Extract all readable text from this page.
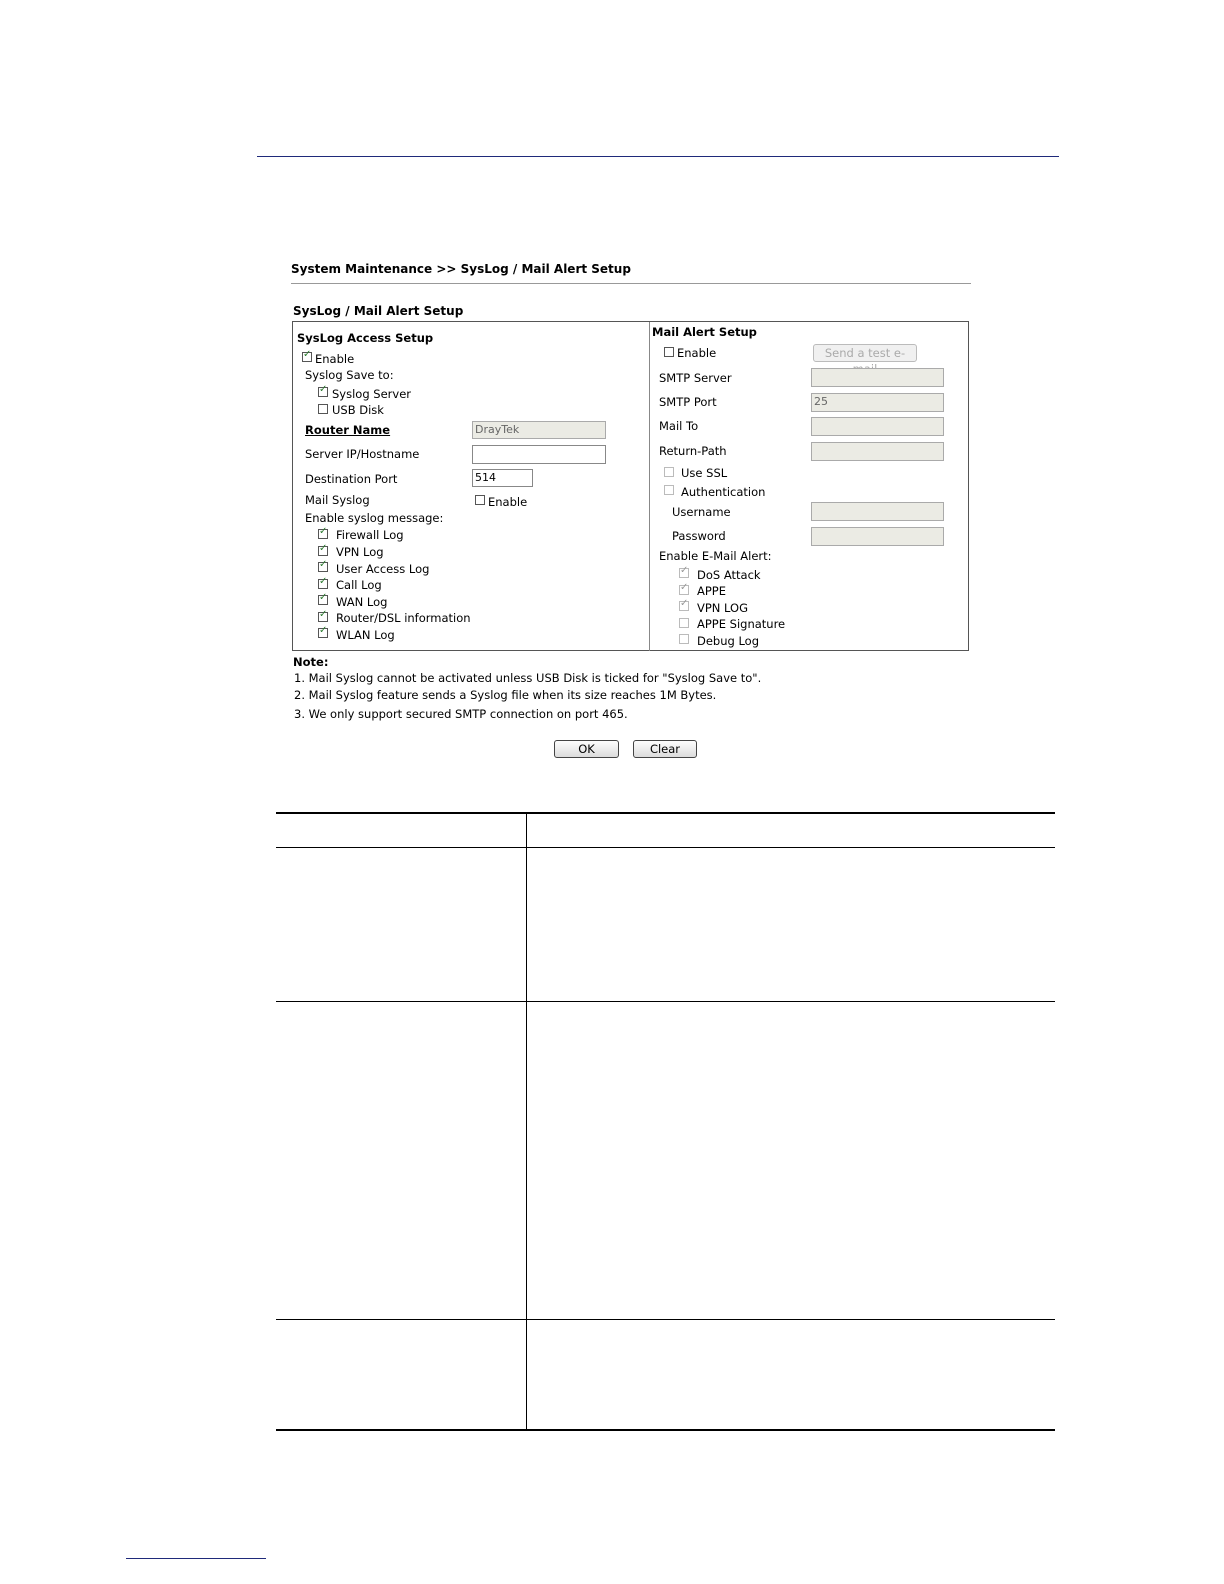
System Maintenance >> SysLog / Mail Alert Setup
SysLog / Mail Alert Setup
SysLog Access Setup
✓
Enable
Syslog Save to:
✓
Syslog Server
USB Disk
Router Name	DrayTek
Server IP/Hostname
Destination Port	514
Mail Syslog	Enable
Enable syslog message:
✓
Firewall Log
✓
VPN Log
✓
User Access Log
✓
Call Log
✓
WAN Log
✓
Router/DSL information
✓
WLAN Log
Mail Alert Setup
Enable	Send a test e-
SMTP Server
SMTP Port	25
Mail To
Return-Path
Use SSL
Authentication
Username
Password
Enable E-Mail Alert:
✓
DoS Attack
✓
APPE
✓
VPN LOG
APPE Signature
Debug Log
Note:
1. Mail Syslog cannot be activated unless USB Disk is ticked for "Syslog Save to".
2. Mail Syslog feature sends a Syslog file when its size reaches 1M Bytes.
3. We only support secured SMTP connection on port 465.
OK	Clear
